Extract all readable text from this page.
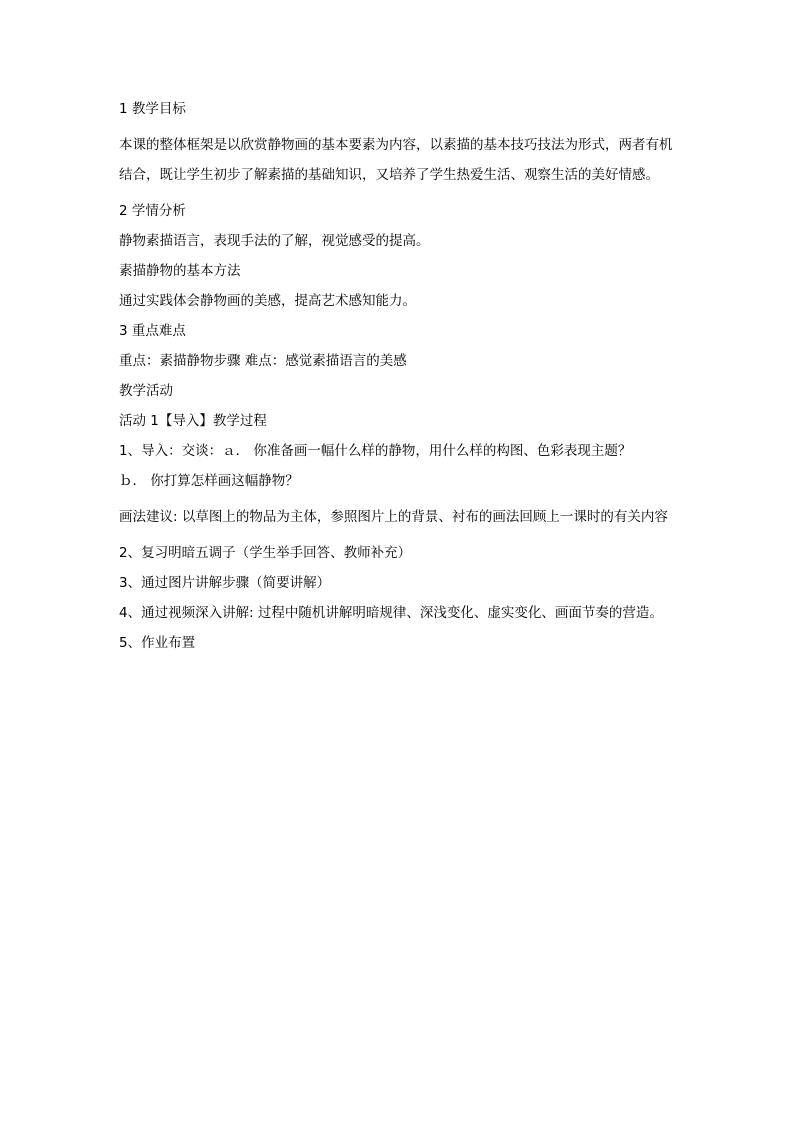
1 教学目标
本课的整体框架是以欣赏静物画的基本要素为内容，以素描的基本技巧技法为形式，两者有机结合，既让学生初步了解素描的基础知识，又培养了学生热爱生活、观察生活的美好情感。
2 学情分析
静物素描语言，表现手法的了解，视觉感受的提高。
素描静物的基本方法
通过实践体会静物画的美感，提高艺术感知能力。
3 重点难点
重点：素描静物步骤 难点：感觉素描语言的美感
教学活动
活动 1【导入】教学过程
1、导入：交谈：ａ． 你准备画一幅什么样的静物，用什么样的构图、色彩表现主题？
ｂ． 你打算怎样画这幅静物？
画法建议: 以草图上的物品为主体，参照图片上的背景、衬布的画法回顾上一课时的有关内容
2、复习明暗五调子（学生举手回答、教师补充）
3、通过图片讲解步骤（简要讲解）
4、通过视频深入讲解: 过程中随机讲解明暗规律、深浅变化、虚实变化、画面节奏的营造。
5、作业布置
